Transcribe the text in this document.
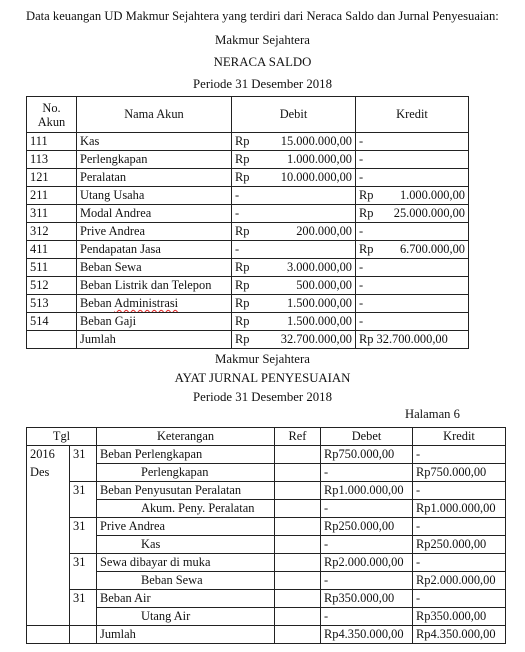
Data keuangan UD Makmur Sejahtera yang terdiri dari Neraca Saldo dan Jurnal Penyesuaian:
Makmur Sejahtera
NERACA SALDO
Periode 31 Desember 2018
No. Akun	Nama Akun	Debit	Kredit
111	Kas	Rp 15.000.000,00	-

113	Perlengkapan	Rp 1.000.000,00	-

121	Peralatan	Rp 10.000.000,00	-

211	Utang Usaha	-	Rp 1.000.000,00

311	Modal Andrea	-	Rp 25.000.000,00

312	Prive Andrea	Rp 200.000,00	-

411	Pendapatan Jasa	-	Rp 6.700.000,00

511	Beban Sewa	Rp 3.000.000,00	-

512	Beban Listrik dan Telepon	Rp 500.000,00	-

513	Beban Administrasi	Rp 1.500.000,00	-

514	Beban Gaji	Rp 1.500.000,00	-

	Jumlah	Rp 32.700.000,00	Rp 32.700.000,00
Makmur Sejahtera
AYAT JURNAL PENYESUAIAN
Periode 31 Desember 2018
Halaman 6
Tgl		Keterangan	Ref	Debet	Kredit
2016	31	Beban Perlengkapan		Rp750.000,00	-
Des		Perlengkapan		-	Rp750.000,00
	31	Beban Penyusutan Peralatan		Rp1.000.000,00	-
		Akum. Peny. Peralatan		-	Rp1.000.000,00
	31	Prive Andrea		Rp250.000,00	-
		Kas		-	Rp250.000,00
	31	Sewa dibayar di muka		Rp2.000.000,00	-
		Beban Sewa		-	Rp2.000.000,00
	31	Beban Air		Rp350.000,00	-
		Utang Air		-	Rp350.000,00
		Jumlah		Rp4.350.000,00	Rp4.350.000,00
